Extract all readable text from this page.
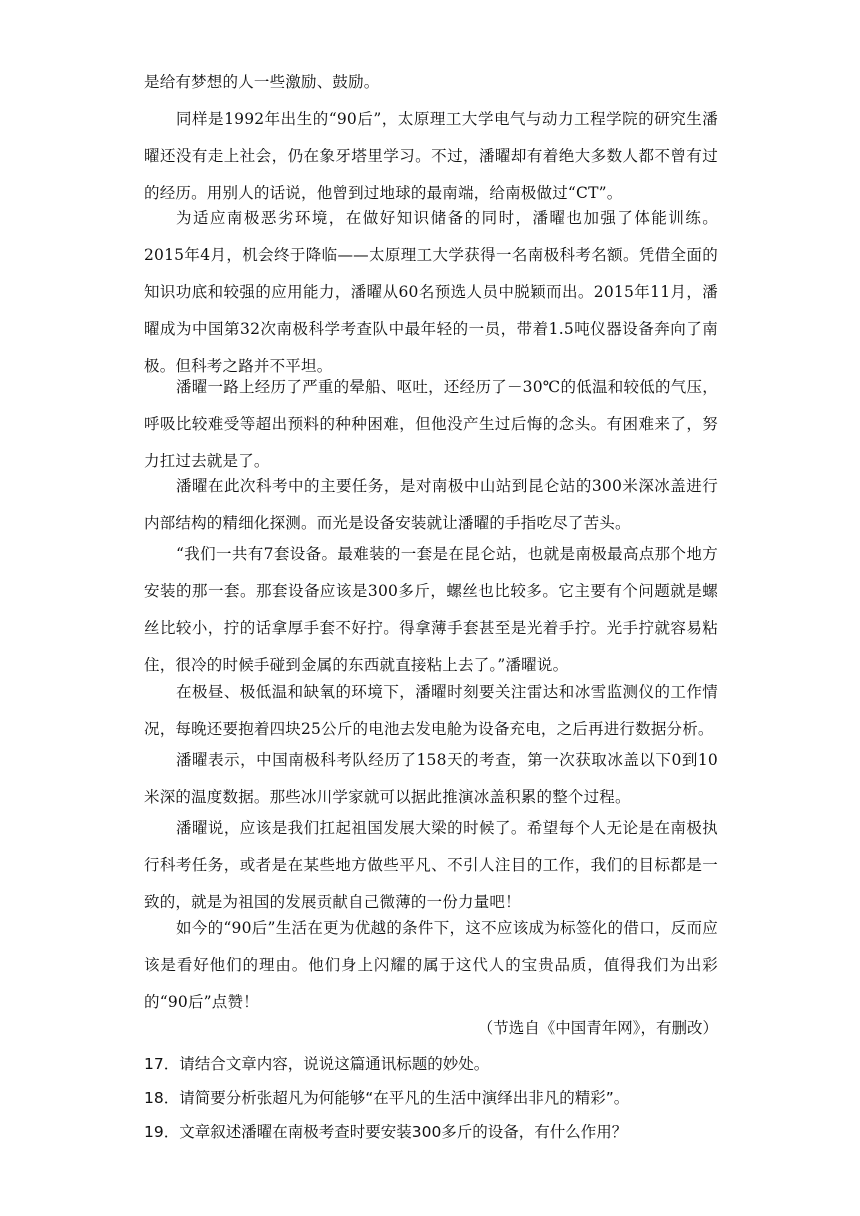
是给有梦想的人一些激励、鼓励。

同样是1992年出生的“90后”，太原理工大学电气与动力工程学院的研究生潘曜还没有走上社会，仍在象牙塔里学习。不过，潘曜却有着绝大多数人都不曾有过的经历。用别人的话说，他曾到过地球的最南端，给南极做过“CT”。

为适应南极恶劣环境，在做好知识储备的同时，潘曜也加强了体能训练。2015年4月，机会终于降临——太原理工大学获得一名南极科考名额。凭借全面的知识功底和较强的应用能力，潘曜从60名预选人员中脱颖而出。2015年11月，潘曜成为中国第32次南极科学考查队中最年轻的一员，带着1.5吨仪器设备奔向了南极。但科考之路并不平坦。

潘曜一路上经历了严重的晕船、呕吐，还经历了－30℃的低温和较低的气压，呼吸比较难受等超出预料的种种困难，但他没产生过后悔的念头。有困难来了，努力扛过去就是了。

潘曜在此次科考中的主要任务，是对南极中山站到昆仑站的300米深冰盖进行内部结构的精细化探测。而光是设备安装就让潘曜的手指吃尽了苦头。

“我们一共有7套设备。最难装的一套是在昆仑站，也就是南极最高点那个地方安装的那一套。那套设备应该是300多斤，螺丝也比较多。它主要有个问题就是螺丝比较小，拧的话拿厚手套不好拧。得拿薄手套甚至是光着手拧。光手拧就容易粘住，很冷的时候手碰到金属的东西就直接粘上去了。”潘曜说。

在极昼、极低温和缺氧的环境下，潘曜时刻要关注雷达和冰雪监测仪的工作情况，每晚还要抱着四块25公斤的电池去发电舱为设备充电，之后再进行数据分析。

潘曜表示，中国南极科考队经历了158天的考查，第一次获取冰盖以下0到10米深的温度数据。那些冰川学家就可以据此推演冰盖积累的整个过程。

潘曜说，应该是我们扛起祖国发展大梁的时候了。希望每个人无论是在南极执行科考任务，或者是在某些地方做些平凡、不引人注目的工作，我们的目标都是一致的，就是为祖国的发展贡献自己微薄的一份力量吧！

如今的“90后”生活在更为优越的条件下，这不应该成为标签化的借口，反而应该是看好他们的理由。他们身上闪耀的属于这代人的宝贵品质，值得我们为出彩的“90后”点赞！

（节选自《中国青年网》，有删改）

17．请结合文章内容，说说这篇通讯标题的妙处。

18．请简要分析张超凡为何能够“在平凡的生活中演绎出非凡的精彩”。

19．文章叙述潘曜在南极考查时要安装300多斤的设备，有什么作用？
